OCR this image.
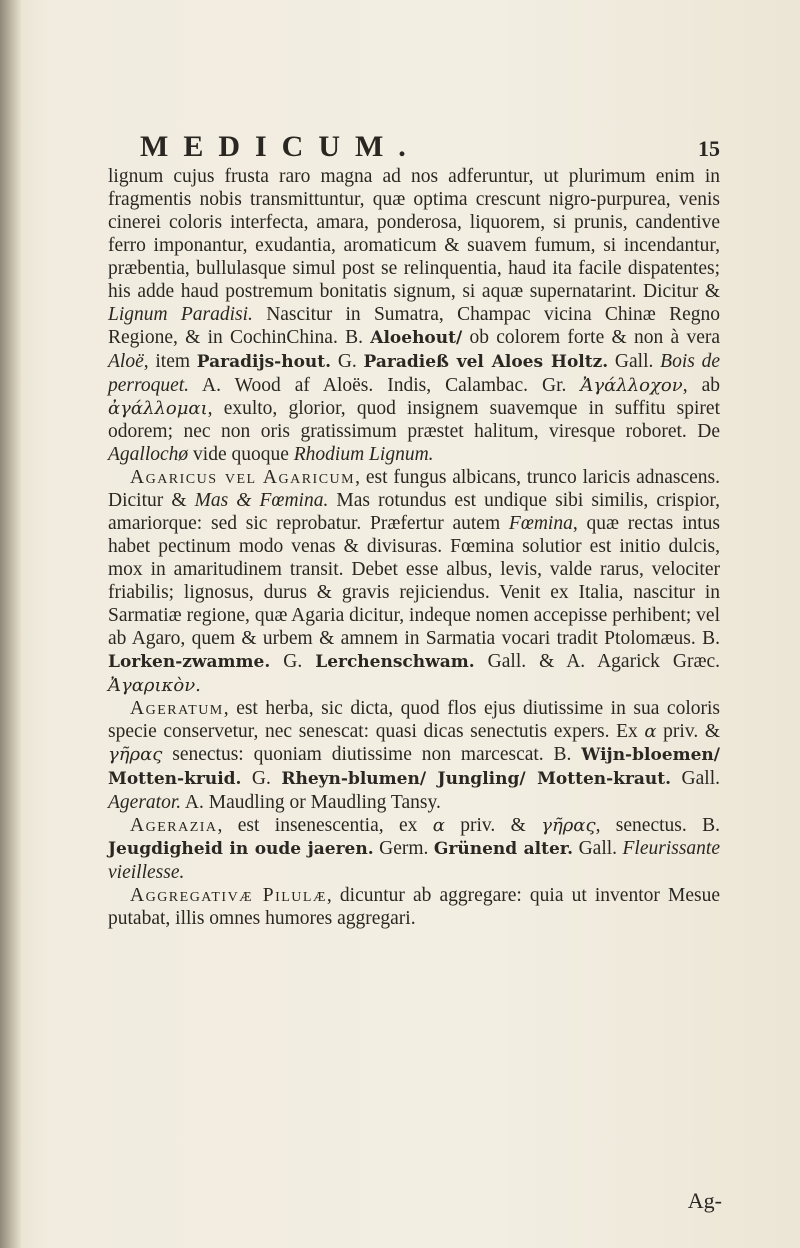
MEDICUM.	15

lignum cujus frusta raro magna ad nos adferuntur, ut plurimum enim in fragmentis nobis transmittuntur, quæ optima crescunt nigro-purpurea, venis cinerei coloris interfecta, amara, ponderosa, liquorem, si prunis, candentive ferro imponantur, exudantia, aromaticum & suavem fumum, si incendantur, præbentia, bullulasque simul post se relinquentia, haud ita facile dispatentes; his adde haud postremum bonitatis signum, si aquæ supernatarint. Dicitur & Lignum Paradisi. Nascitur in Sumatra, Champac vicina Chinæ Regno Regione, & in CochinChina. B. Aloehout/ ob colorem forte & non à vera Aloë, item Paradijs-hout. G. Paradieß vel Aloes Holtz. Gall. Bois de perroquet. A. Wood af Aloës. Indis, Calambac. Gr. Ἀγάλλοχον, ab ἀγάλλομαι, exulto, glorior, quod insignem suavemque in suffitu spiret odorem; nec non oris gratissimum præstet halitum, viresque roboret. De Agallochø vide quoque Rhodium Lignum.

Agaricus vel Agaricum, est fungus albicans, trunco laricis adnascens. Dicitur & Mas & Fœmina. Mas rotundus est undique sibi similis, crispior, amariorque: sed sic reprobatur. Præfertur autem Fœmina, quæ rectas intus habet pectinum modo venas & divisuras. Fœmina solutior est initio dulcis, mox in amaritudinem transit. Debet esse albus, levis, valde rarus, velociter friabilis; lignosus, durus & gravis rejiciendus. Venit ex Italia, nascitur in Sarmatiæ regione, quæ Agaria dicitur, indeque nomen accepisse perhibent; vel ab Agaro, quem & urbem & amnem in Sarmatia vocari tradit Ptolomæus. B. Lorken-zwamme. G. Lerchenschwam. Gall. & A. Agarick Græc. Ἀγαρικὸν.

Ageratum, est herba, sic dicta, quod flos ejus diutissime in sua coloris specie conservetur, nec senescat: quasi dicas senectutis expers. Ex α priv. & γῆρας senectus: quoniam diutissime non marcescat. B. Wijn-bloemen/ Motten-kruid. G. Rheyn-blumen/ Jungling/ Motten-kraut. Gall. Agerator. A. Maudling or Maudling Tansy.

Agerazia, est insenescentia, ex α priv. & γῆρας, senectus. B. Jeugdigheid in oude jaeren. Germ. Grünend alter. Gall. Fleurissante vieillesse.

Aggregativæ Pilulæ, dicuntur ab aggregare: quia ut inventor Mesue putabat, illis omnes humores aggregari.

Ag-
